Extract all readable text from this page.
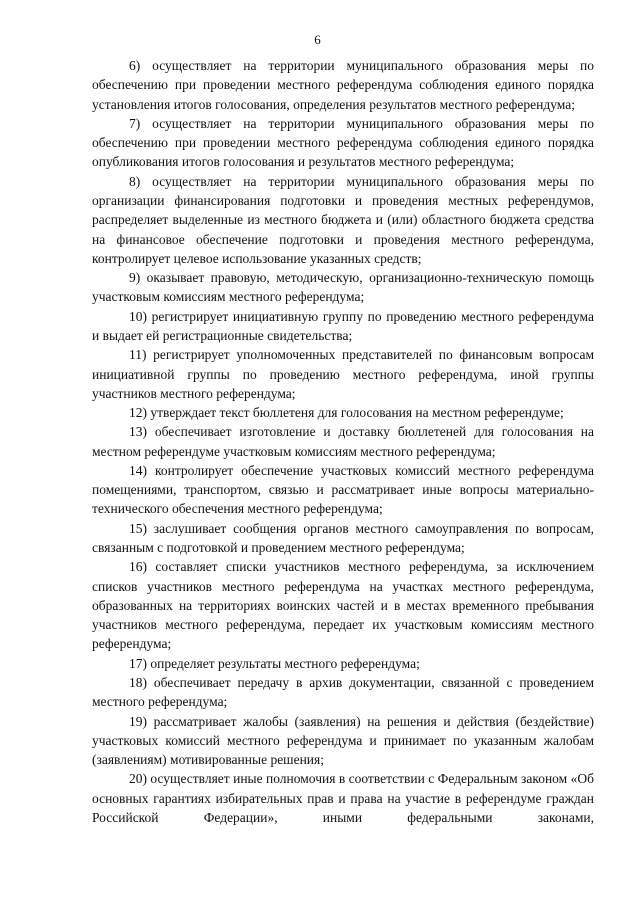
6

6) осуществляет на территории муниципального образования меры по обеспечению при проведении местного референдума соблюдения единого порядка установления итогов голосования, определения результатов местного референдума;

7) осуществляет на территории муниципального образования меры по обеспечению при проведении местного референдума соблюдения единого порядка опубликования итогов голосования и результатов местного референдума;

8) осуществляет на территории муниципального образования меры по организации финансирования подготовки и проведения местных референдумов, распределяет выделенные из местного бюджета и (или) областного бюджета средства на финансовое обеспечение подготовки и проведения местного референдума, контролирует целевое использование указанных средств;

9) оказывает правовую, методическую, организационно-техническую помощь участковым комиссиям местного референдума;

10) регистрирует инициативную группу по проведению местного референдума и выдает ей регистрационные свидетельства;

11) регистрирует уполномоченных представителей по финансовым вопросам инициативной группы по проведению местного референдума, иной группы участников местного референдума;

12) утверждает текст бюллетеня для голосования на местном референдуме;

13) обеспечивает изготовление и доставку бюллетеней для голосования на местном референдуме участковым комиссиям местного референдума;

14) контролирует обеспечение участковых комиссий местного референдума помещениями, транспортом, связью и рассматривает иные вопросы материально-технического обеспечения местного референдума;

15) заслушивает сообщения органов местного самоуправления по вопросам, связанным с подготовкой и проведением местного референдума;

16) составляет списки участников местного референдума, за исключением списков участников местного референдума на участках местного референдума, образованных на территориях воинских частей и в местах временного пребывания участников местного референдума, передает их участковым комиссиям местного референдума;

17) определяет результаты местного референдума;

18) обеспечивает передачу в архив документации, связанной с проведением местного референдума;

19) рассматривает жалобы (заявления) на решения и действия (бездействие) участковых комиссий местного референдума и принимает по указанным жалобам (заявлениям) мотивированные решения;

20) осуществляет иные полномочия в соответствии с Федеральным законом «Об основных гарантиях избирательных прав и права на участие в референдуме граждан Российской Федерации», иными федеральными законами,
